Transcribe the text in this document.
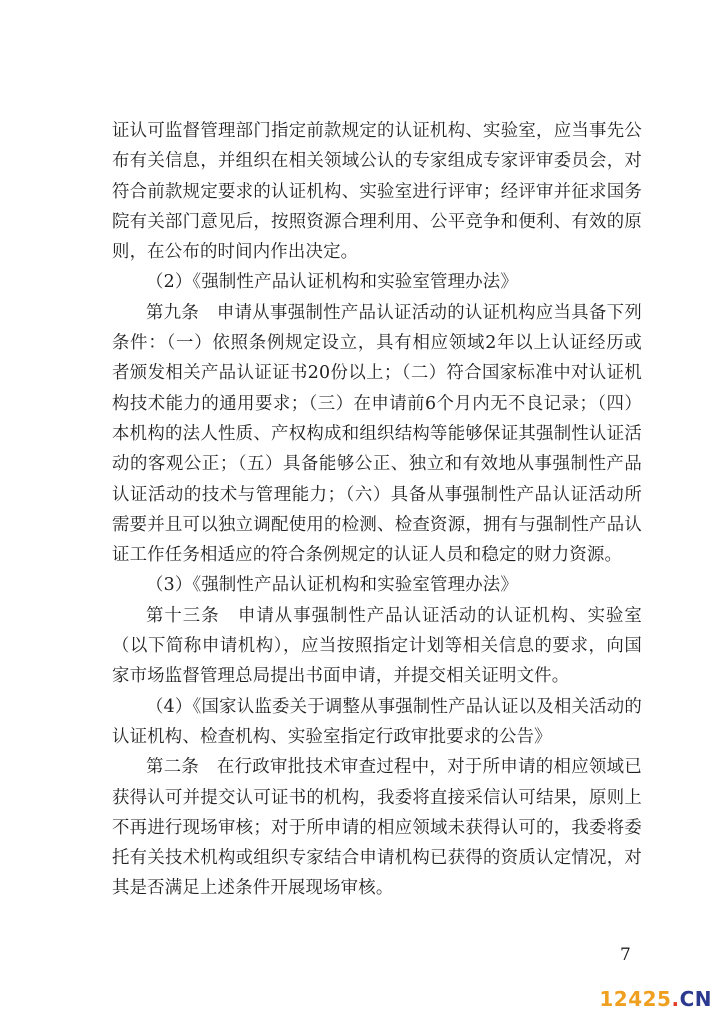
证认可监督管理部门指定前款规定的认证机构、实验室，应当事先公布有关信息，并组织在相关领域公认的专家组成专家评审委员会，对符合前款规定要求的认证机构、实验室进行评审；经评审并征求国务院有关部门意见后，按照资源合理利用、公平竞争和便利、有效的原则，在公布的时间内作出决定。

（2）《强制性产品认证机构和实验室管理办法》

第九条　申请从事强制性产品认证活动的认证机构应当具备下列条件：（一）依照条例规定设立，具有相应领域2年以上认证经历或者颁发相关产品认证证书20份以上；（二）符合国家标准中对认证机构技术能力的通用要求；（三）在申请前6个月内无不良记录；（四）本机构的法人性质、产权构成和组织结构等能够保证其强制性认证活动的客观公正；（五）具备能够公正、独立和有效地从事强制性产品认证活动的技术与管理能力；（六）具备从事强制性产品认证活动所需要并且可以独立调配使用的检测、检查资源，拥有与强制性产品认证工作任务相适应的符合条例规定的认证人员和稳定的财力资源。

（3）《强制性产品认证机构和实验室管理办法》

第十三条　申请从事强制性产品认证活动的认证机构、实验室（以下简称申请机构），应当按照指定计划等相关信息的要求，向国家市场监督管理总局提出书面申请，并提交相关证明文件。

（4）《国家认监委关于调整从事强制性产品认证以及相关活动的认证机构、检查机构、实验室指定行政审批要求的公告》

第二条　在行政审批技术审查过程中，对于所申请的相应领域已获得认可并提交认可证书的机构，我委将直接采信认可结果，原则上不再进行现场审核；对于所申请的相应领域未获得认可的，我委将委托有关技术机构或组织专家结合申请机构已获得的资质认定情况，对其是否满足上述条件开展现场审核。

7
12425.CN
